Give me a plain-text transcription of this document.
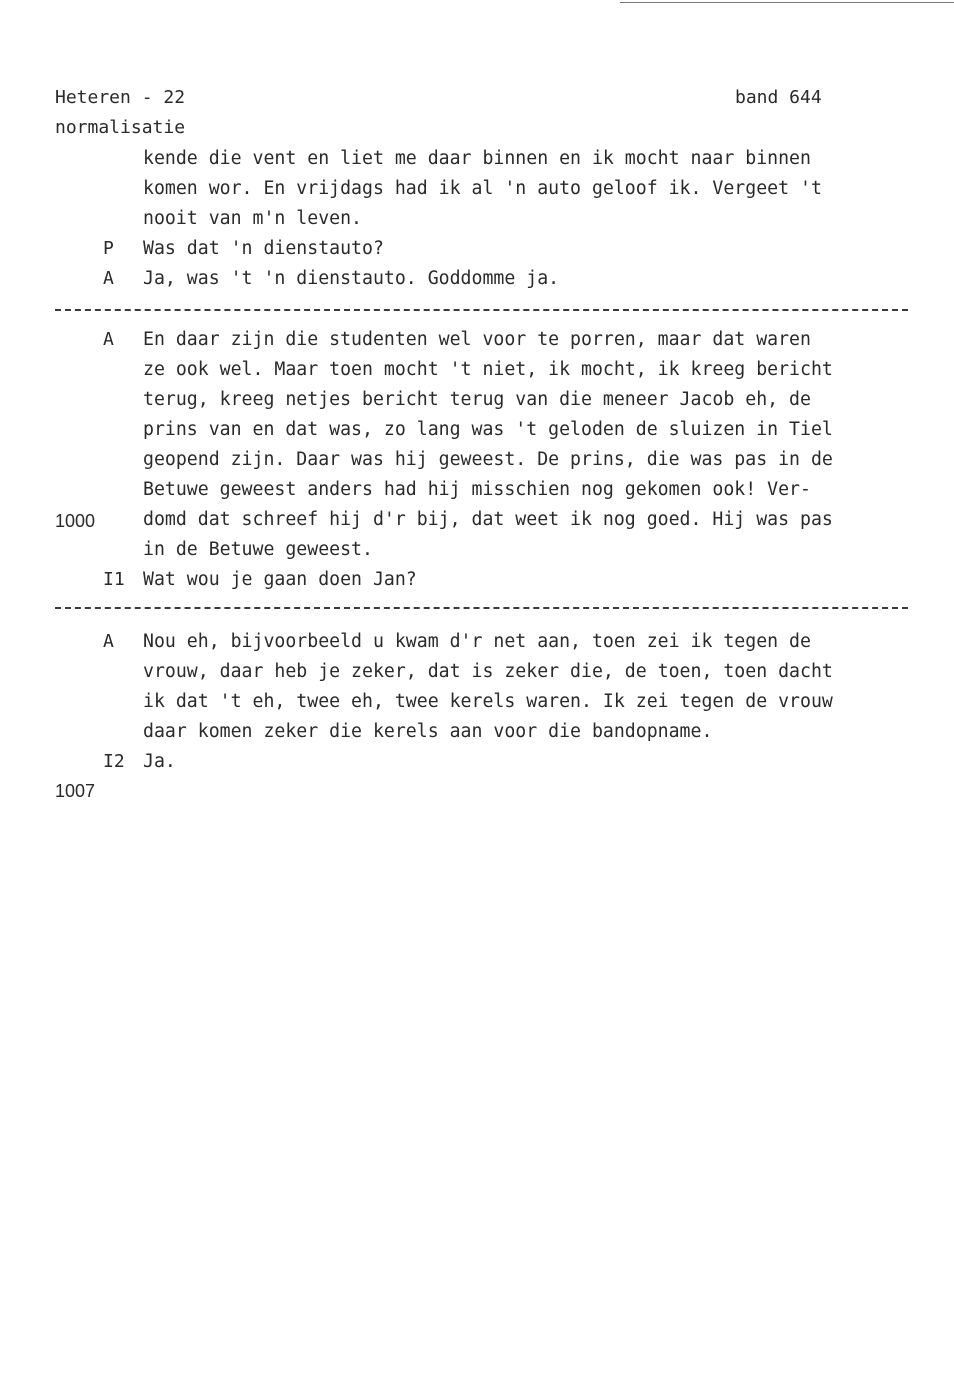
Heteren - 22
normalisatie
band 644
kende die vent en liet me daar binnen en ik mocht naar binnen
komen wor. En vrijdags had ik al 'n auto geloof ik. Vergeet 't
nooit van m'n leven.
P	Was dat 'n dienstauto?
A	Ja, was 't 'n dienstauto. Goddomme ja.
A	En daar zijn die studenten wel voor te porren, maar dat waren
ze ook wel. Maar toen mocht 't niet, ik mocht, ik kreeg bericht
terug, kreeg netjes bericht terug van die meneer Jacob eh, de
prins van en dat was, zo lang was 't geloden de sluizen in Tiel
geopend zijn. Daar was hij geweest. De prins, die was pas in de
Betuwe geweest anders had hij misschien nog gekomen ook! Ver-
domd dat schreef hij d'r bij, dat weet ik nog goed. Hij was pas
in de Betuwe geweest.
1000
I1	Wat wou je gaan doen Jan?
A	Nou eh, bijvoorbeeld u kwam d'r net aan, toen zei ik tegen de
vrouw, daar heb je zeker, dat is zeker die, de toen, toen dacht
ik dat 't eh, twee eh, twee kerels waren. Ik zei tegen de vrouw
daar komen zeker die kerels aan voor die bandopname.
I2	Ja.
1007
